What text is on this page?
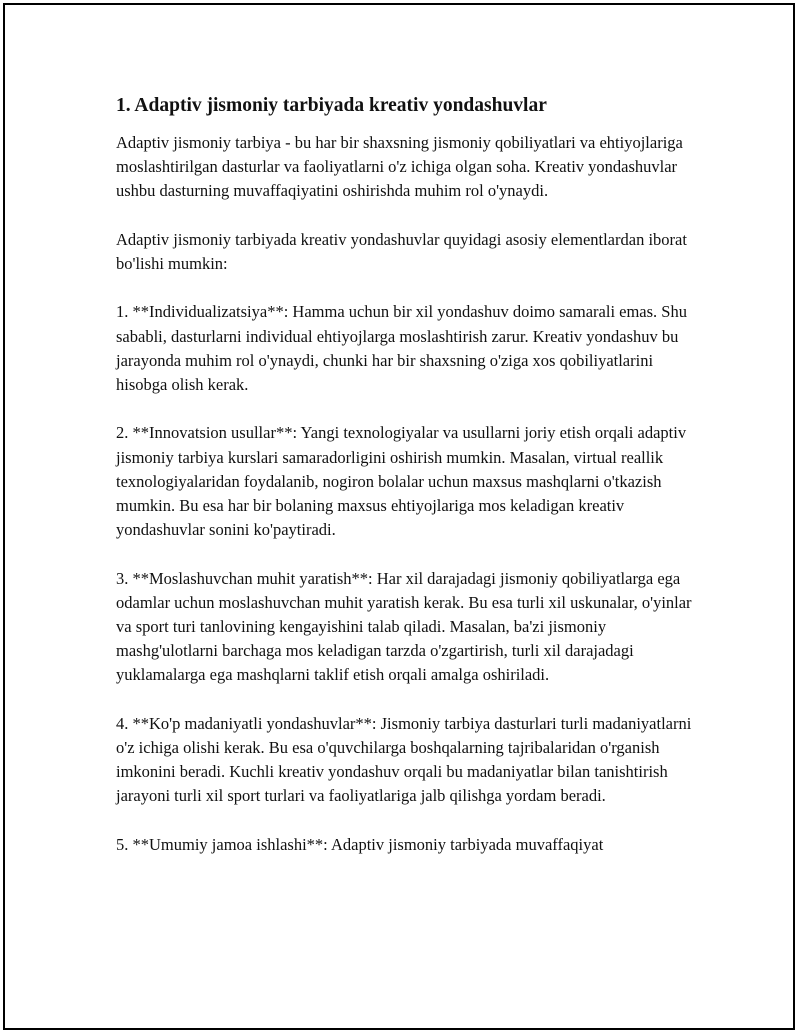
1. Adaptiv jismoniy tarbiyada kreativ yondashuvlar

Adaptiv jismoniy tarbiya - bu har bir shaxsning jismoniy qobiliyatlari va ehtiyojlariga moslashtirilgan dasturlar va faoliyatlarni o'z ichiga olgan soha. Kreativ yondashuvlar ushbu dasturning muvaffaqiyatini oshirishda muhim rol o'ynaydi.

Adaptiv jismoniy tarbiyada kreativ yondashuvlar quyidagi asosiy elementlardan iborat bo'lishi mumkin:

1. **Individualizatsiya**: Hamma uchun bir xil yondashuv doimo samarali emas. Shu sababli, dasturlarni individual ehtiyojlarga moslashtirish zarur. Kreativ yondashuv bu jarayonda muhim rol o'ynaydi, chunki har bir shaxsning o'ziga xos qobiliyatlarini hisobga olish kerak.

2. **Innovatsion usullar**: Yangi texnologiyalar va usullarni joriy etish orqali adaptiv jismoniy tarbiya kurslari samaradorligini oshirish mumkin. Masalan, virtual reallik texnologiyalaridan foydalanib, nogiron bolalar uchun maxsus mashqlarni o'tkazish mumkin. Bu esa har bir bolaning maxsus ehtiyojlariga mos keladigan kreativ yondashuvlar sonini ko'paytiradi.

3. **Moslashuvchan muhit yaratish**: Har xil darajadagi jismoniy qobiliyatlarga ega odamlar uchun moslashuvchan muhit yaratish kerak. Bu esa turli xil uskunalar, o'yinlar va sport turi tanlovining kengayishini talab qiladi. Masalan, ba'zi jismoniy mashg'ulotlarni barchaga mos keladigan tarzda o'zgartirish, turli xil darajadagi yuklamalarga ega mashqlarni taklif etish orqali amalga oshiriladi.

4. **Ko'p madaniyatli yondashuvlar**: Jismoniy tarbiya dasturlari turli madaniyatlarni o'z ichiga olishi kerak. Bu esa o'quvchilarga boshqalarning tajribalaridan o'rganish imkonini beradi. Kuchli kreativ yondashuv orqali bu madaniyatlar bilan tanishtirish jarayoni turli xil sport turlari va faoliyatlariga jalb qilishga yordam beradi.

5. **Umumiy jamoa ishlashi**: Adaptiv jismoniy tarbiyada muvaffaqiyat
